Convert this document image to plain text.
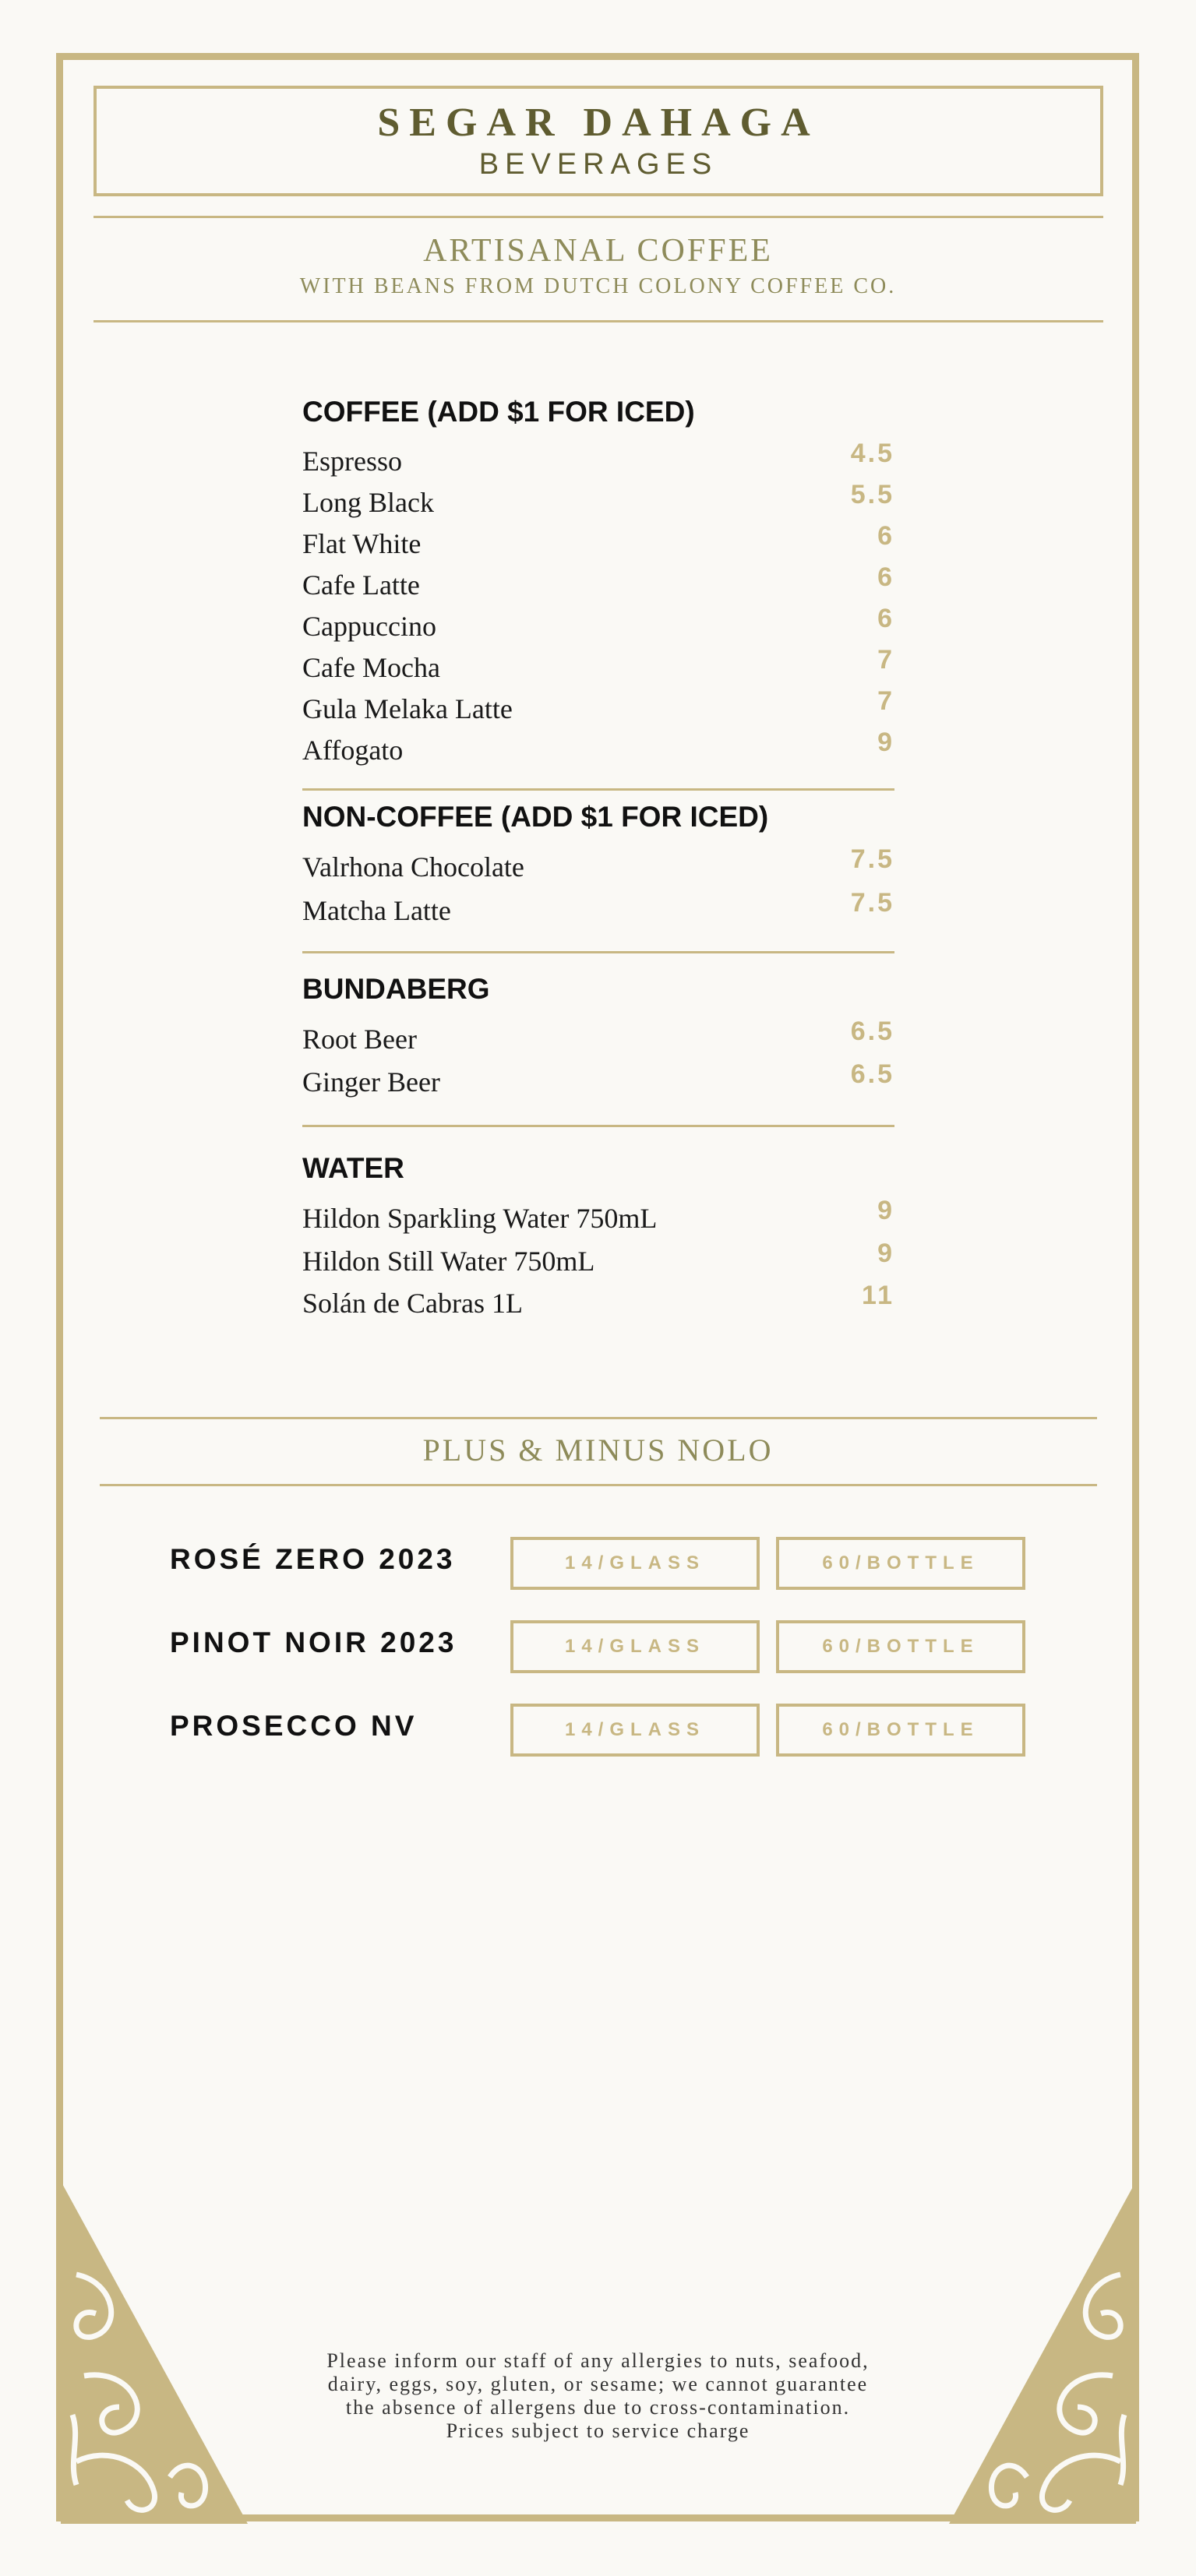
SEGAR DAHAGA
BEVERAGES
ARTISANAL COFFEE
WITH BEANS FROM DUTCH COLONY COFFEE CO.
COFFEE (ADD $1 FOR ICED)
Espresso	4.5
Long Black	5.5
Flat White	6
Cafe Latte	6
Cappuccino	6
Cafe Mocha	7
Gula Melaka Latte	7
Affogato	9
NON-COFFEE (ADD $1 FOR ICED)
Valrhona Chocolate	7.5
Matcha Latte	7.5
BUNDABERG
Root Beer	6.5
Ginger Beer	6.5
WATER
Hildon Sparkling Water 750mL	9
Hildon Still Water 750mL	9
Solán de Cabras 1L	11
PLUS & MINUS NOLO
ROSÉ ZERO 2023	14/GLASS	60/BOTTLE
PINOT NOIR 2023	14/GLASS	60/BOTTLE
PROSECCO NV	14/GLASS	60/BOTTLE
Please inform our staff of any allergies to nuts, seafood,
dairy, eggs, soy, gluten, or sesame; we cannot guarantee
the absence of allergens due to cross-contamination.
Prices subject to service charge
